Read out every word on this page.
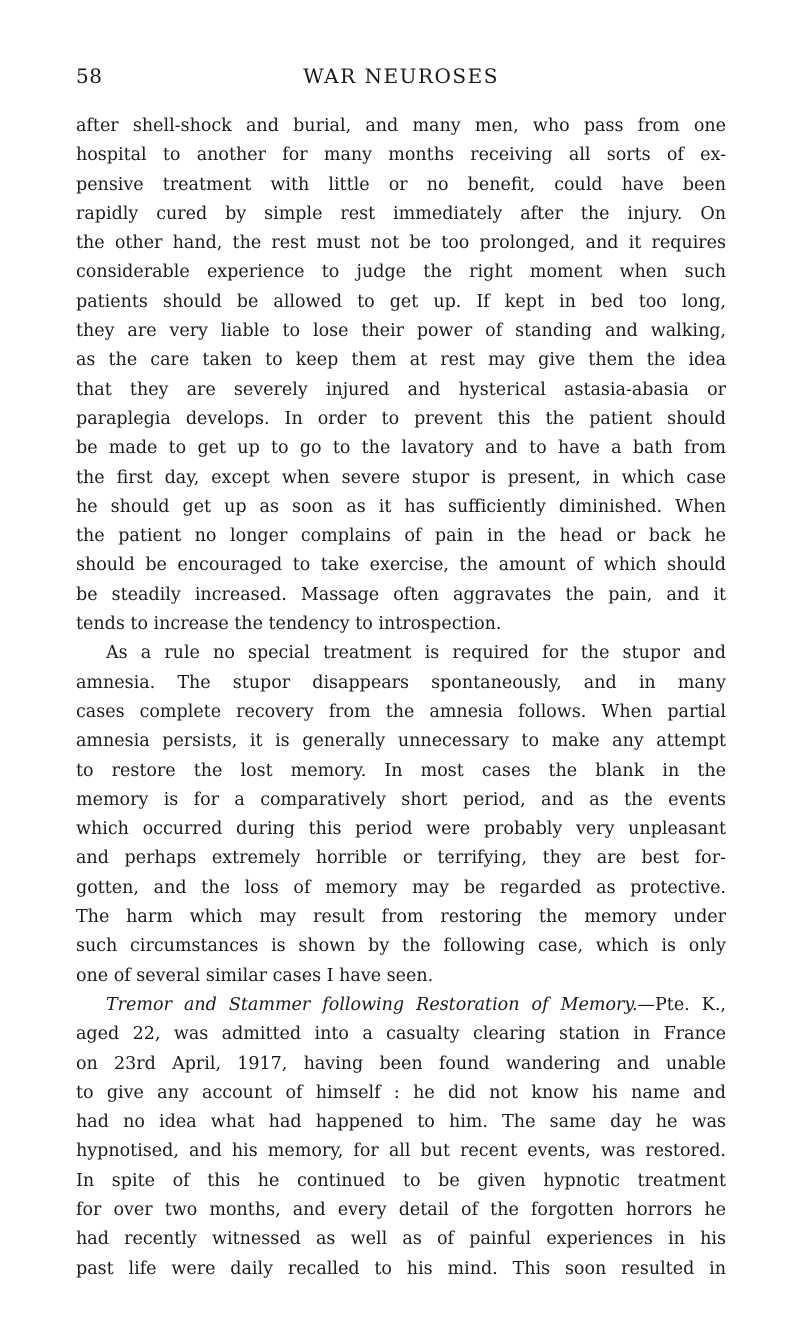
58	WAR NEUROSES
after shell-shock and burial, and many men, who pass from one
hospital to another for many months receiving all sorts of ex-
pensive treatment with little or no benefit, could have been
rapidly cured by simple rest immediately after the injury. On
the other hand, the rest must not be too prolonged, and it requires
considerable experience to judge the right moment when such
patients should be allowed to get up. If kept in bed too long,
they are very liable to lose their power of standing and walking,
as the care taken to keep them at rest may give them the idea
that they are severely injured and hysterical astasia-abasia or
paraplegia develops. In order to prevent this the patient should
be made to get up to go to the lavatory and to have a bath from
the first day, except when severe stupor is present, in which case
he should get up as soon as it has sufficiently diminished. When
the patient no longer complains of pain in the head or back he
should be encouraged to take exercise, the amount of which should
be steadily increased. Massage often aggravates the pain, and it
tends to increase the tendency to introspection.
As a rule no special treatment is required for the stupor and
amnesia. The stupor disappears spontaneously, and in many
cases complete recovery from the amnesia follows. When partial
amnesia persists, it is generally unnecessary to make any attempt
to restore the lost memory. In most cases the blank in the
memory is for a comparatively short period, and as the events
which occurred during this period were probably very unpleasant
and perhaps extremely horrible or terrifying, they are best for-
gotten, and the loss of memory may be regarded as protective.
The harm which may result from restoring the memory under
such circumstances is shown by the following case, which is only
one of several similar cases I have seen.
Tremor and Stammer following Restoration of Memory.—Pte. K.,
aged 22, was admitted into a casualty clearing station in France
on 23rd April, 1917, having been found wandering and unable
to give any account of himself : he did not know his name and
had no idea what had happened to him. The same day he was
hypnotised, and his memory, for all but recent events, was restored.
In spite of this he continued to be given hypnotic treatment
for over two months, and every detail of the forgotten horrors he
had recently witnessed as well as of painful experiences in his
past life were daily recalled to his mind. This soon resulted in
